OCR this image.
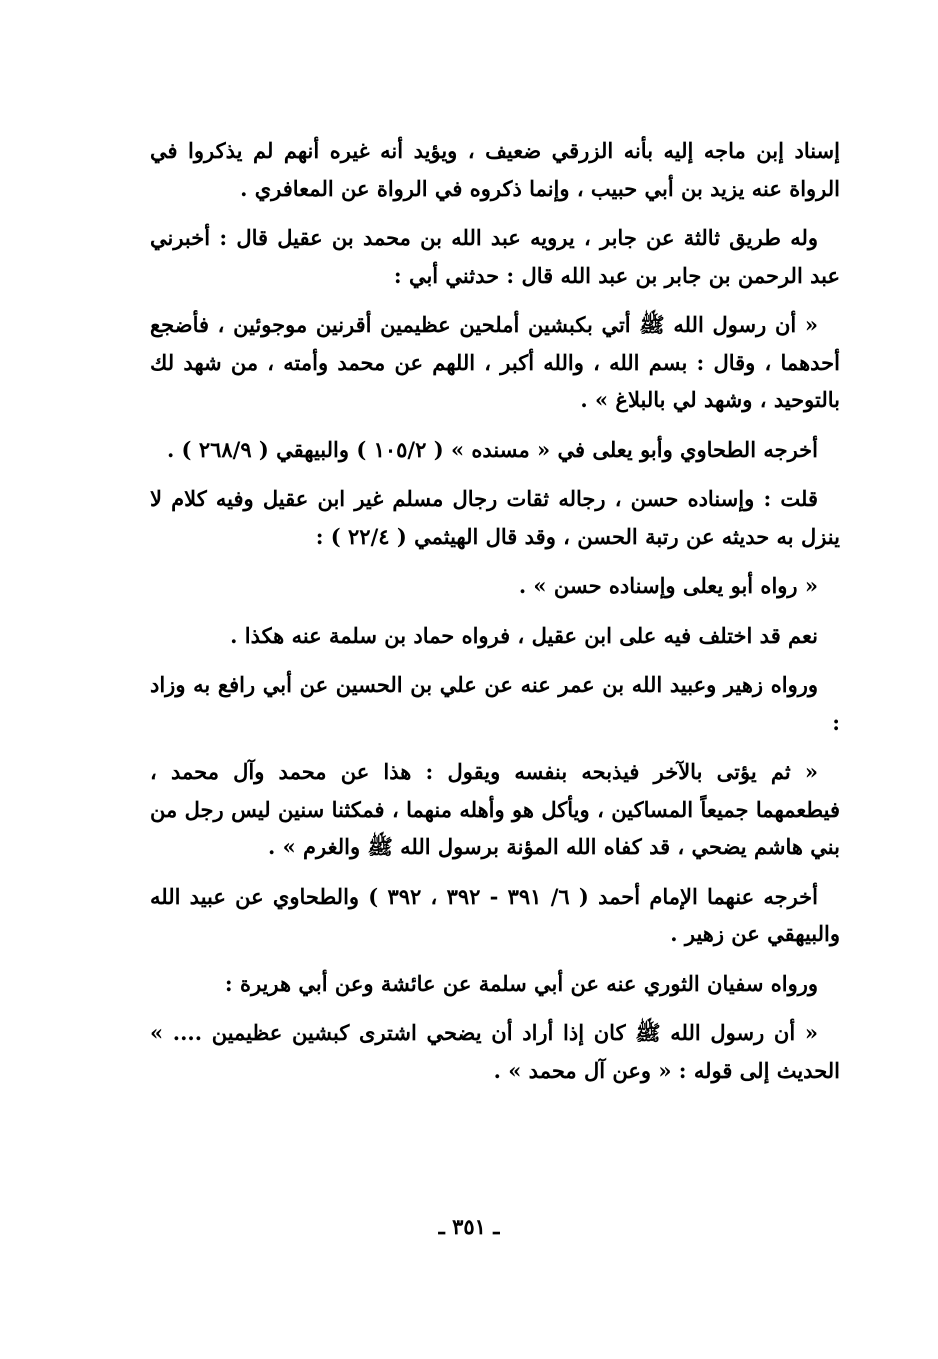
إسناد إبن ماجه إليه بأنه الزرقي ضعيف ، ويؤيد أنه غيره أنهم لم يذكروا في الرواة عنه يزيد بن أبي حبيب ، وإنما ذكروه في الرواة عن المعافري .

وله طريق ثالثة عن جابر ، يرويه عبد الله بن محمد بن عقيل قال : أخبرني عبد الرحمن بن جابر بن عبد الله قال : حدثني أبي :

« أن رسول الله ﷺ أتي بكبشين أملحين عظيمين أقرنين موجوئين ، فأضجع أحدهما ، وقال : بسم الله ، والله أكبر ، اللهم عن محمد وأمته ، من شهد لك بالتوحيد ، وشهد لي بالبلاغ » .

أخرجه الطحاوي وأبو يعلى في « مسنده » ( ١٠٥/٢ ) والبيهقي ( ٢٦٨/٩ ) .

قلت : وإسناده حسن ، رجاله ثقات رجال مسلم غير ابن عقيل وفيه كلام لا ينزل به حديثه عن رتبة الحسن ، وقد قال الهيثمي ( ٢٢/٤ ) :

« رواه أبو يعلى وإسناده حسن » .

نعم قد اختلف فيه على ابن عقيل ، فرواه حماد بن سلمة عنه هكذا .

ورواه زهير وعبيد الله بن عمر عنه عن علي بن الحسين عن أبي رافع به وزاد :

« ثم يؤتى بالآخر فيذبحه بنفسه ويقول : هذا عن محمد وآل محمد ، فيطعمهما جميعاً المساكين ، ويأكل هو وأهله منهما ، فمكثنا سنين ليس رجل من بني هاشم يضحي ، قد كفاه الله المؤنة برسول الله ﷺ والغرم » .

أخرجه عنهما الإمام أحمد ( ٦/ ٣٩١ - ٣٩٢ ، ٣٩٢ ) والطحاوي عن عبيد الله والبيهقي عن زهير .

ورواه سفيان الثوري عنه عن أبي سلمة عن عائشة وعن أبي هريرة :

« أن رسول الله ﷺ كان إذا أراد أن يضحي اشترى كبشين عظيمين .... » الحديث إلى قوله : « وعن آل محمد » .

ـ ٣٥١ ـ
